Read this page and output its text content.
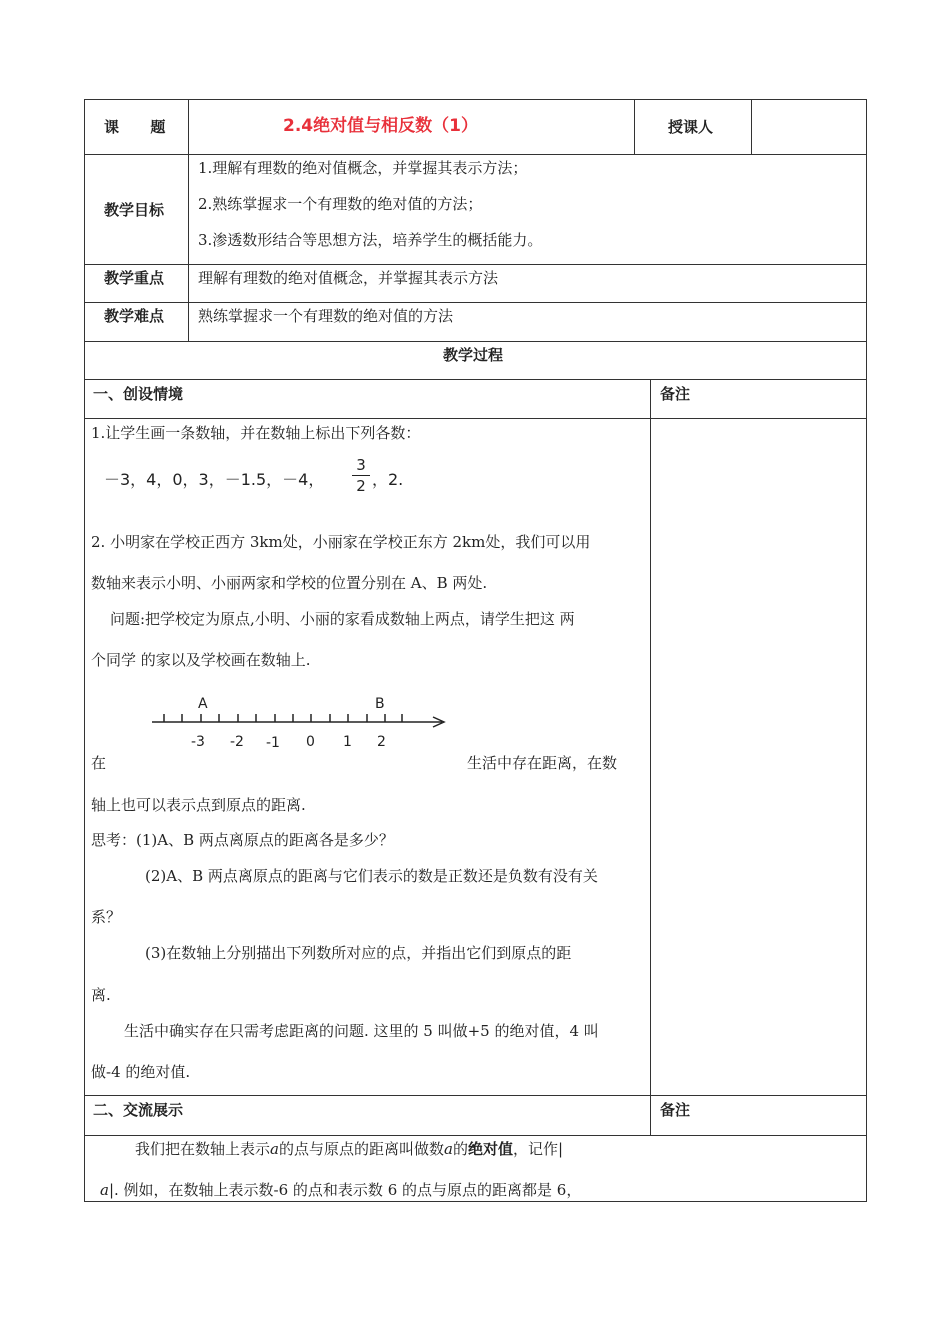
课      题	2.4绝对值与相反数（1）	授课人
教学目标
1.理解有理数的绝对值概念，并掌握其表示方法；
2.熟练掌握求一个有理数的绝对值的方法；
3.渗透数形结合等思想方法，培养学生的概括能力。
教学重点 理解有理数的绝对值概念，并掌握其表示方法
教学难点 熟练掌握求一个有理数的绝对值的方法
教学过程
一、创设情境	备注
1.让学生画一条数轴，并在数轴上标出下列各数：
－3，4，0，3，－1.5，－4，
3
2 ，2.
2. 小明家在学校正西方 3km处，小丽家在学校正东方 2km处，我们可以用
数轴来表示小明、小丽两家和学校的位置分别在 A、B 两处.
问题:把学校定为原点,小明、小丽的家看成数轴上两点，请学生把这 两
个同学 的家以及学校画在数轴上.
A	B
-3 -2 -1 0 1 2
在	生活中存在距离，在数
轴上也可以表示点到原点的距离.
思考：(1)A、B 两点离原点的距离各是多少？
(2)A、B 两点离原点的距离与它们表示的数是正数还是负数有没有关
系？
(3)在数轴上分别描出下列数所对应的点，并指出它们到原点的距
离.
生活中确实存在只需考虑距离的问题. 这里的 5 叫做+5 的绝对值，4 叫
做-4 的绝对值.
二、交流展示	备注
我们把在数轴上表示a的点与原点的距离叫做数a的绝对值，记作|
a|. 例如，在数轴上表示数-6 的点和表示数 6 的点与原点的距离都是 6，
